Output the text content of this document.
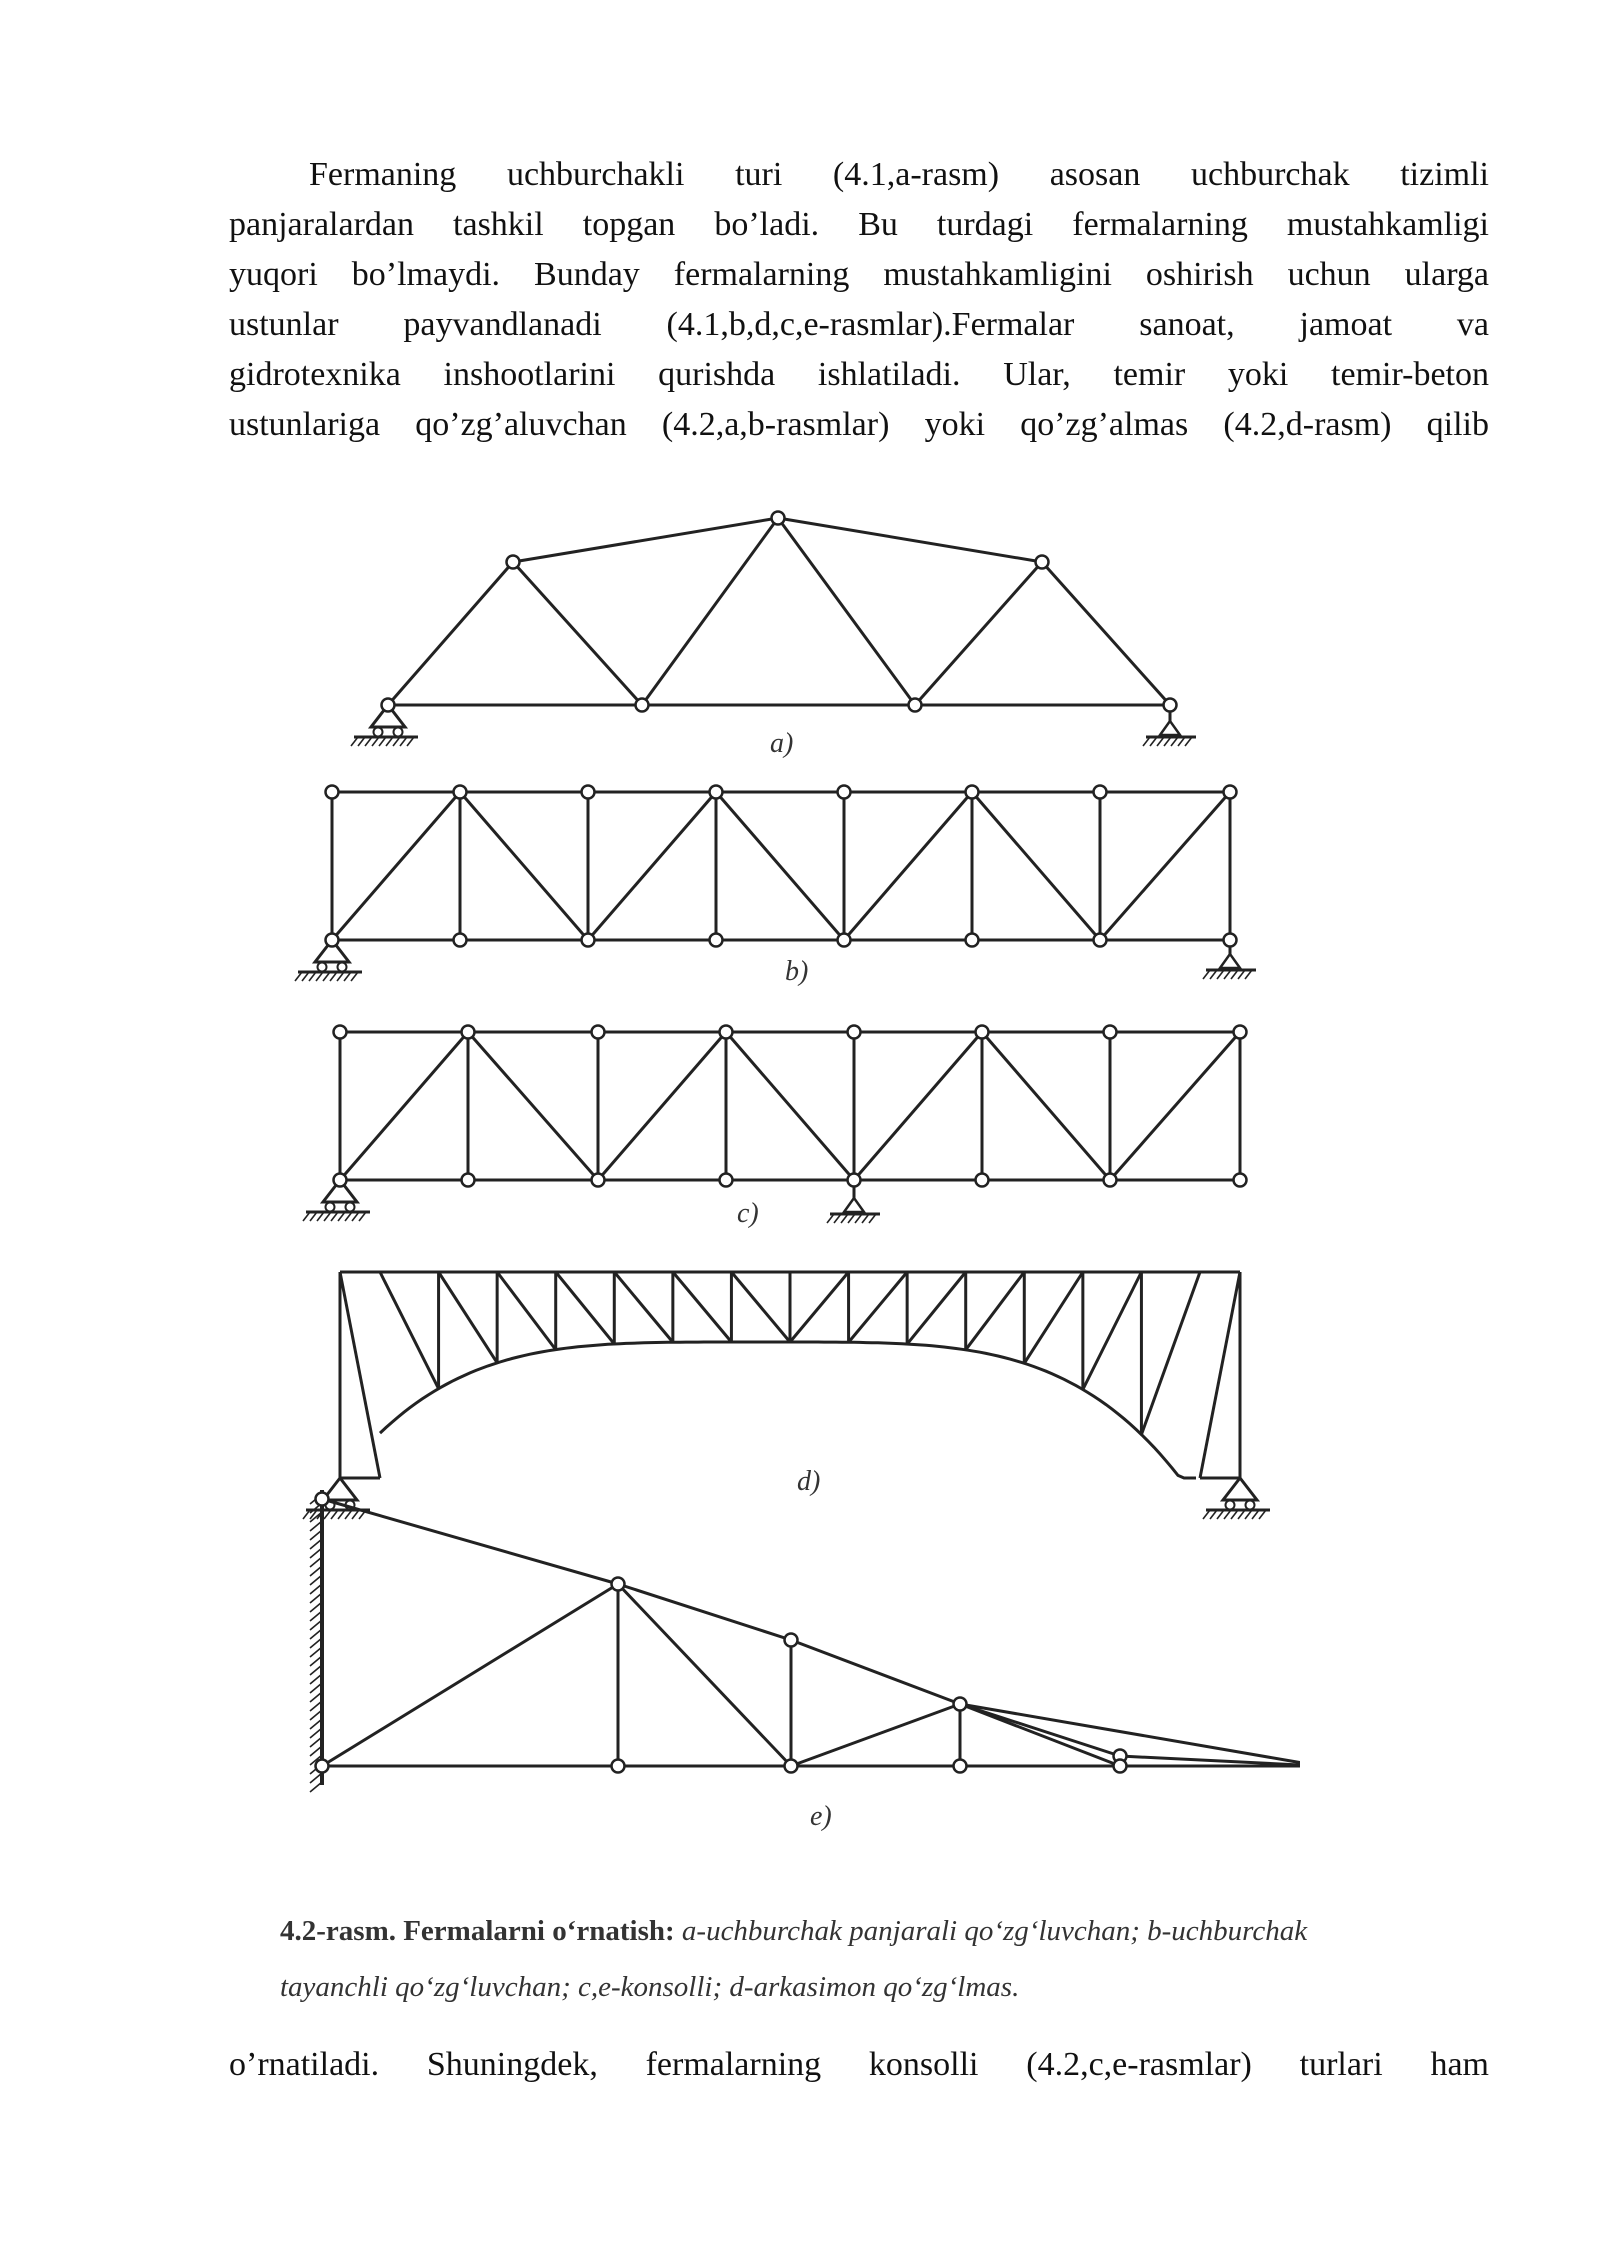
Fermaning uchburchakli turi (4.1,a-rasm) asosan uchburchak tizimli
panjaralardan tashkil topgan bo’ladi. Bu turdagi fermalarning mustahkamligi
yuqori bo’lmaydi. Bunday fermalarning mustahkamligini oshirish uchun ularga
ustunlar payvandlanadi (4.1,b,d,c,e-rasmlar).Fermalar sanoat, jamoat va
gidrotexnika inshootlarini qurishda ishlatiladi. Ular, temir yoki temir-beton
ustunlariga qo’zg’aluvchan (4.2,a,b-rasmlar) yoki qo’zg’almas (4.2,d-rasm) qilib
a)
b)
c)
d)
e)
4.2-rasm. Fermalarni o‘rnatish: a-uchburchak panjarali qo‘zg‘luvchan; b-uchburchak tayanchli qo‘zg‘luvchan; c,e-konsolli; d-arkasimon qo‘zg‘lmas.
o’rnatiladi. Shuningdek, fermalarning konsolli (4.2,c,e-rasmlar) turlari ham
